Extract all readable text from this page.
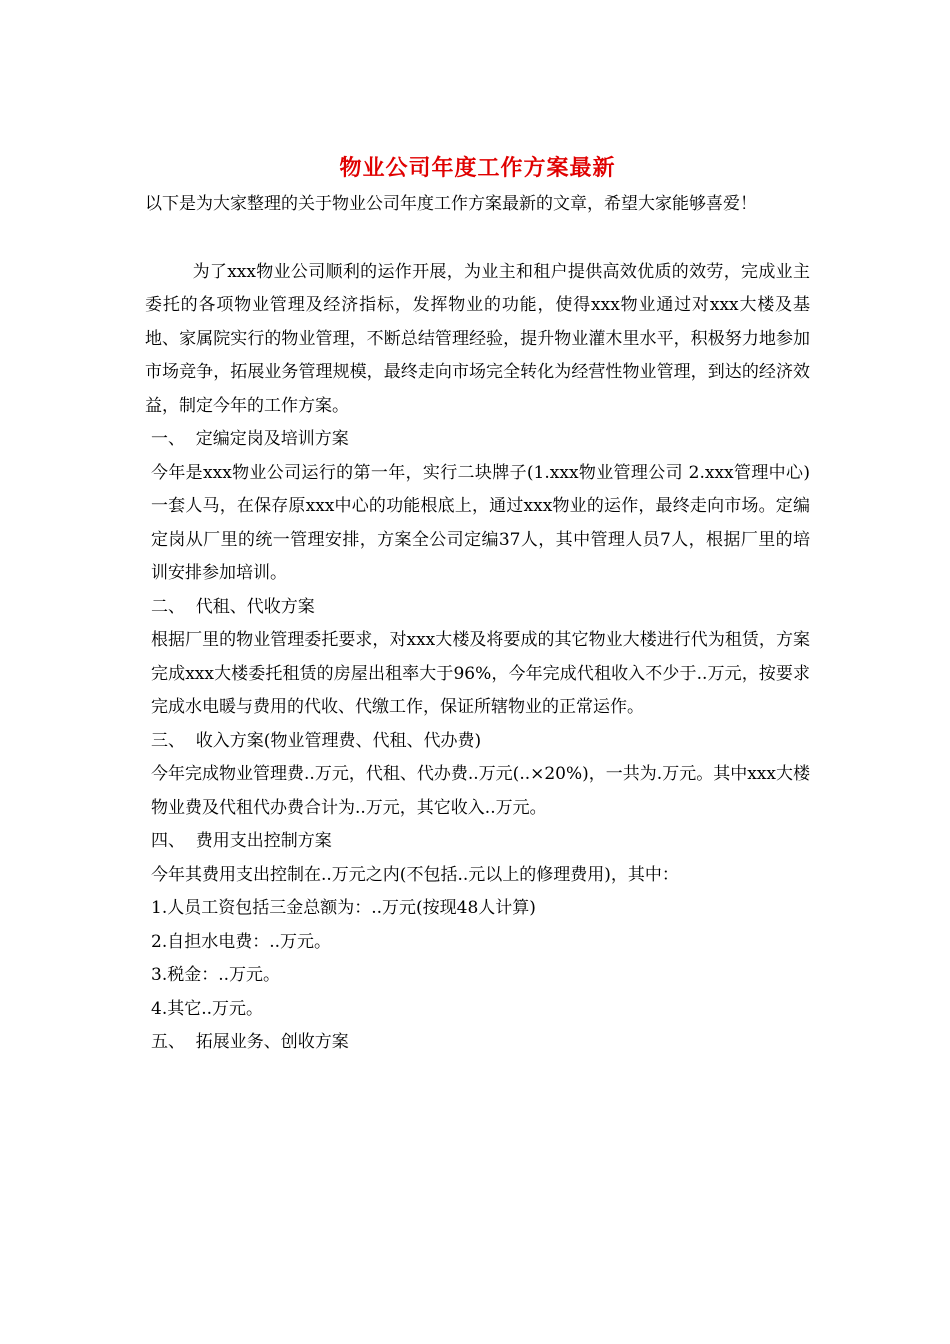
物业公司年度工作方案最新

以下是为大家整理的关于物业公司年度工作方案最新的文章，希望大家能够喜爱！

为了xxx物业公司顺利的运作开展，为业主和租户提供高效优质的效劳，完成业主委托的各项物业管理及经济指标，发挥物业的功能，使得xxx物业通过对xxx大楼及基地、家属院实行的物业管理，不断总结管理经验，提升物业灌木里水平，积极努力地参加市场竞争，拓展业务管理规模，最终走向市场完全转化为经营性物业管理，到达的经济效益，制定今年的工作方案。

一、  定编定岗及培训方案

今年是xxx物业公司运行的第一年，实行二块牌子(1.xxx物业管理公司 2.xxx管理中心)一套人马，在保存原xxx中心的功能根底上，通过xxx物业的运作，最终走向市场。定编定岗从厂里的统一管理安排，方案全公司定编37人，其中管理人员7人，根据厂里的培训安排参加培训。

二、  代租、代收方案

根据厂里的物业管理委托要求，对xxx大楼及将要成的其它物业大楼进行代为租赁，方案完成xxx大楼委托租赁的房屋出租率大于96%，今年完成代租收入不少于..万元，按要求完成水电暖与费用的代收、代缴工作，保证所辖物业的正常运作。

三、  收入方案(物业管理费、代租、代办费)

今年完成物业管理费..万元，代租、代办费..万元(..×20%)，一共为.万元。其中xxx大楼物业费及代租代办费合计为..万元，其它收入..万元。

四、  费用支出控制方案

今年其费用支出控制在..万元之内(不包括..元以上的修理费用)，其中：

1.人员工资包括三金总额为：..万元(按现48人计算)

2.自担水电费：..万元。

3.税金：..万元。

4.其它..万元。

五、  拓展业务、创收方案
